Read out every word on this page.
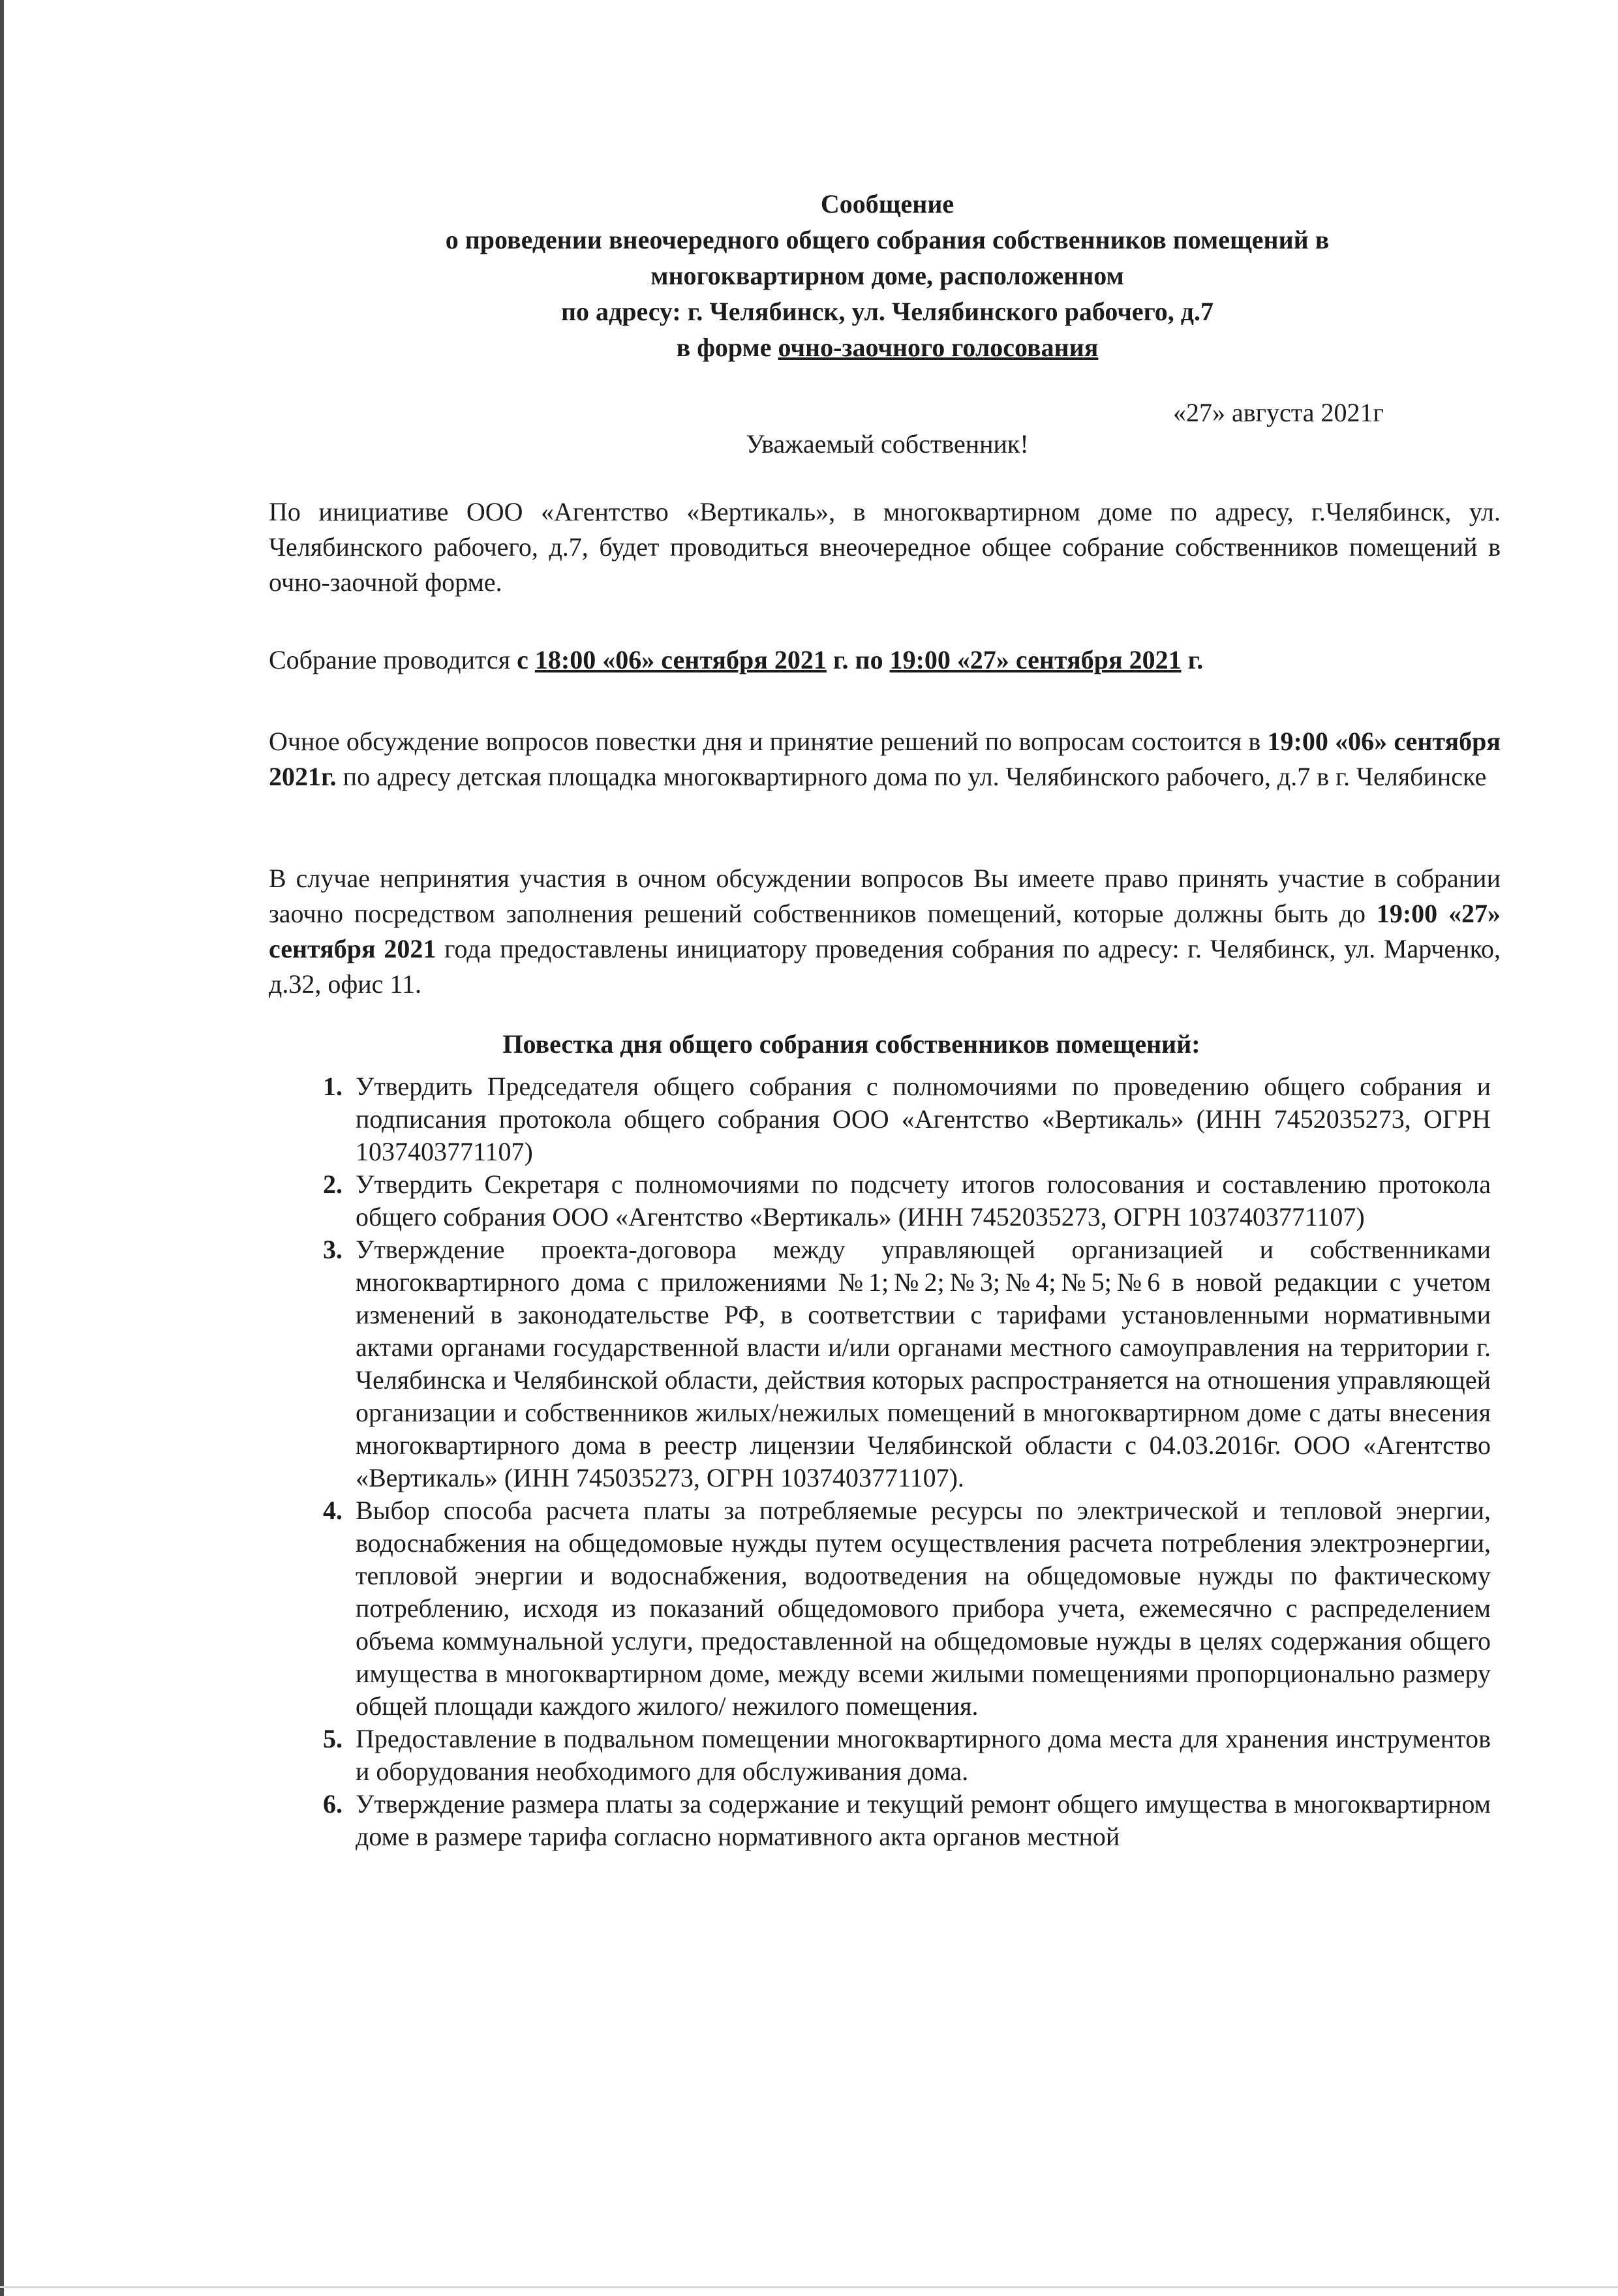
Сообщение
о проведении внеочередного общего собрания собственников помещений в
многоквартирном доме, расположенном
по адресу: г. Челябинск, ул. Челябинского рабочего, д.7
в форме очно-заочного голосования
«27» августа 2021г
Уважаемый собственник!
По инициативе ООО «Агентство «Вертикаль», в многоквартирном доме по адресу, г.Челябинск, ул. Челябинского рабочего, д.7, будет проводиться внеочередное общее собрание собственников помещений в очно-заочной форме.
Собрание проводится с 18:00 «06» сентября 2021 г. по 19:00 «27» сентября 2021 г.
Очное обсуждение вопросов повестки дня и принятие решений по вопросам состоится в 19:00 «06» сентября 2021г. по адресу детская площадка многоквартирного дома по ул. Челябинского рабочего, д.7 в г. Челябинске
В случае непринятия участия в очном обсуждении вопросов Вы имеете право принять участие в собрании заочно посредством заполнения решений собственников помещений, которые должны быть до 19:00 «27» сентября 2021 года предоставлены инициатору проведения собрания по адресу: г. Челябинск, ул. Марченко, д.32, офис 11.
Повестка дня общего собрания собственников помещений:
1. Утвердить Председателя общего собрания с полномочиями по проведению общего собрания и подписания протокола общего собрания ООО «Агентство «Вертикаль» (ИНН 7452035273, ОГРН 1037403771107)
2. Утвердить Секретаря с полномочиями по подсчету итогов голосования и составлению протокола общего собрания ООО «Агентство «Вертикаль» (ИНН 7452035273, ОГРН 1037403771107)
3. Утверждение проекта-договора между управляющей организацией и собственниками многоквартирного дома с приложениями №1;№2;№3;№4;№5;№6 в новой редакции с учетом изменений в законодательстве РФ, в соответствии с тарифами установленными нормативными актами органами государственной власти и/или органами местного самоуправления на территории г. Челябинска и Челябинской области, действия которых распространяется на отношения управляющей организации и собственников жилых/нежилых помещений в многоквартирном доме с даты внесения многоквартирного дома в реестр лицензии Челябинской области с 04.03.2016г. ООО «Агентство «Вертикаль» (ИНН 745035273, ОГРН 1037403771107).
4. Выбор способа расчета платы за потребляемые ресурсы по электрической и тепловой энергии, водоснабжения на общедомовые нужды путем осуществления расчета потребления электроэнергии, тепловой энергии и водоснабжения, водоотведения на общедомовые нужды по фактическому потреблению, исходя из показаний общедомового прибора учета, ежемесячно с распределением объема коммунальной услуги, предоставленной на общедомовые нужды в целях содержания общего имущества в многоквартирном доме, между всеми жилыми помещениями пропорционально размеру общей площади каждого жилого/ нежилого помещения.
5. Предоставление в подвальном помещении многоквартирного дома места для хранения инструментов и оборудования необходимого для обслуживания дома.
6. Утверждение размера платы за содержание и текущий ремонт общего имущества в многоквартирном доме в размере тарифа согласно нормативного акта органов местной
